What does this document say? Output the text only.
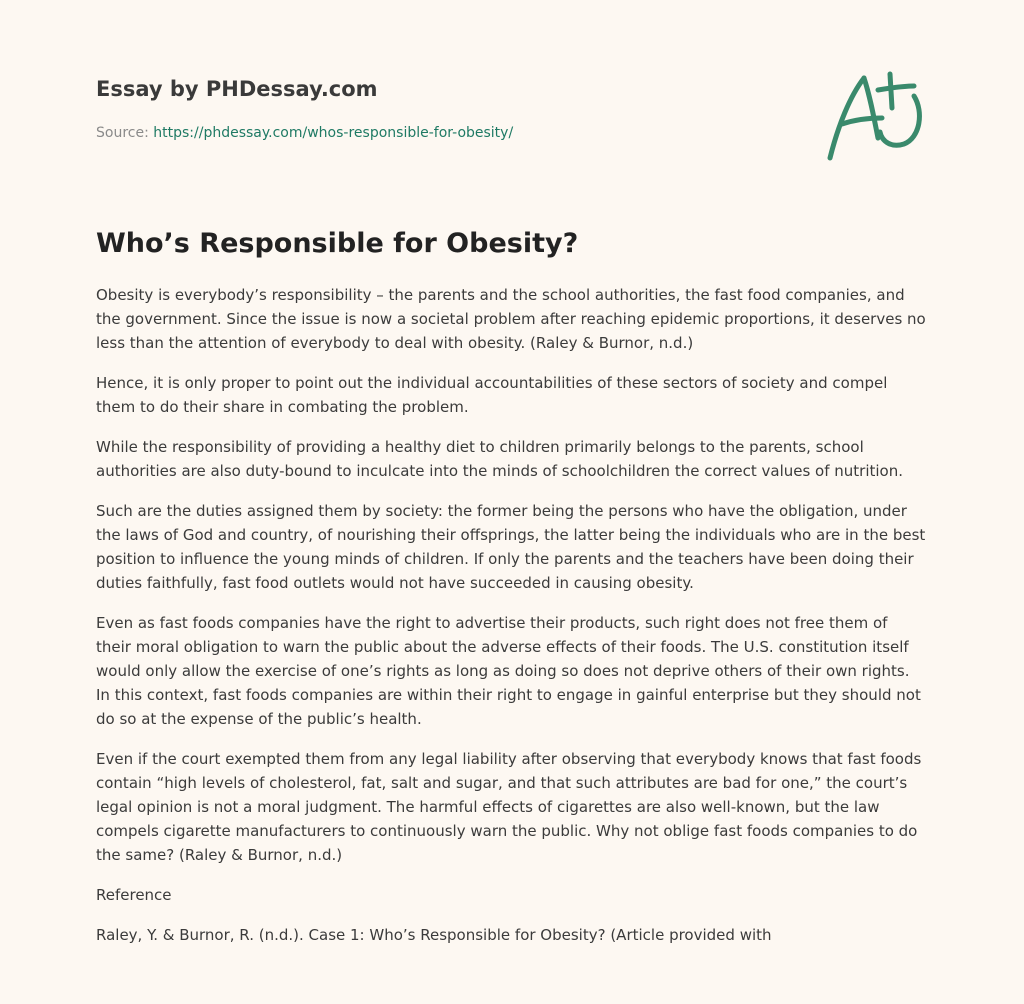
Essay by PHDessay.com
Source: https://phdessay.com/whos-responsible-for-obesity/
Who’s Responsible for Obesity?

Obesity is everybody’s responsibility – the parents and the school authorities, the fast food companies, and the government. Since the issue is now a societal problem after reaching epidemic proportions, it deserves no less than the attention of everybody to deal with obesity. (Raley & Burnor, n.d.)

Hence, it is only proper to point out the individual accountabilities of these sectors of society and compel them to do their share in combating the problem.

While the responsibility of providing a healthy diet to children primarily belongs to the parents, school authorities are also duty-bound to inculcate into the minds of schoolchildren the correct values of nutrition.

Such are the duties assigned them by society: the former being the persons who have the obligation, under the laws of God and country, of nourishing their offsprings, the latter being the individuals who are in the best position to influence the young minds of children. If only the parents and the teachers have been doing their duties faithfully, fast food outlets would not have succeeded in causing obesity.

Even as fast foods companies have the right to advertise their products, such right does not free them of their moral obligation to warn the public about the adverse effects of their foods. The U.S. constitution itself would only allow the exercise of one’s rights as long as doing so does not deprive others of their own rights. In this context, fast foods companies are within their right to engage in gainful enterprise but they should not do so at the expense of the public’s health.

Even if the court exempted them from any legal liability after observing that everybody knows that fast foods contain “high levels of cholesterol, fat, salt and sugar, and that such attributes are bad for one,” the court’s legal opinion is not a moral judgment. The harmful effects of cigarettes are also well-known, but the law compels cigarette manufacturers to continuously warn the public. Why not oblige fast foods companies to do the same? (Raley & Burnor, n.d.)

Reference

Raley, Y. & Burnor, R. (n.d.). Case 1: Who’s Responsible for Obesity? (Article provided with
